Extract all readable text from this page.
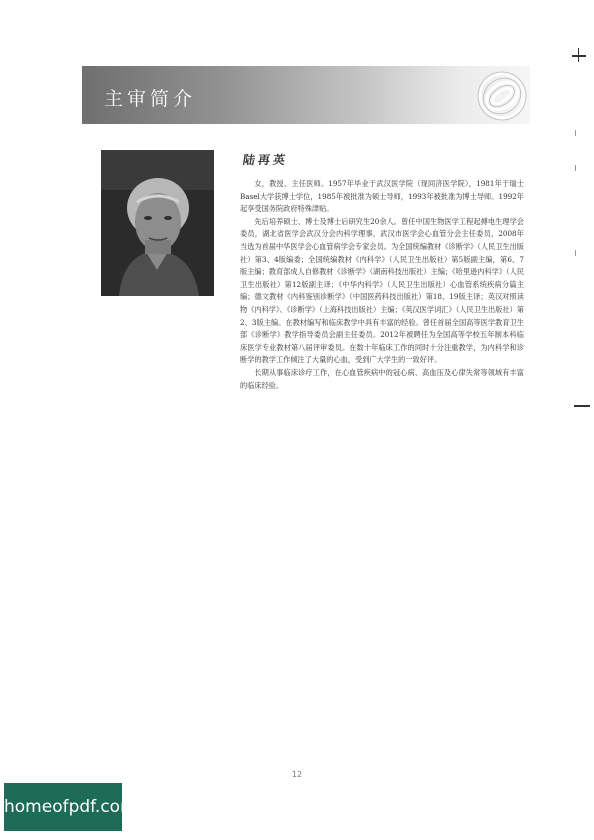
主审简介
陆再英

女，教授、主任医师。1957年毕业于武汉医学院（现同济医学院），1981年于瑞士Basel大学获博士学位，1985年被批准为硕士导师，1993年被批准为博士导师。1992年起享受国务院政府特殊津贴。

先后培养硕士、博士及博士后研究生20余人。曾任中国生物医学工程起搏电生理学会委员，湖北省医学会武汉分会内科学理事，武汉市医学会心血管分会主任委员，2008年当选为首届中华医学会心血管病学会专家会员。为全国统编教材《诊断学》（人民卫生出版社）第3、4版编委；全国统编教材《内科学》（人民卫生出版社）第5版副主编，第6、7版主编；教育部成人自修教材《诊断学》（湖南科技出版社）主编；《哈里逊内科学》（人民卫生出版社）第12版副主译；《中华内科学》（人民卫生出版社）心血管系统疾病分篇主编；德文教材《内科鉴别诊断学》（中国医药科技出版社）第18、19版主译；英汉对照读物《内科学》、《诊断学》（上海科技出版社）主编；《英汉医学词汇》（人民卫生出版社）第2、3版主编。在教材编写和临床教学中具有丰富的经验。曾任首届全国高等医学教育卫生部《诊断学》教学指导委员会副主任委员。2012年被聘任为全国高等学校五年制本科临床医学专业教材第八届评审委员。在数十年临床工作的同时十分注重教学，为内科学和诊断学的教学工作倾注了大量的心血，受到广大学生的一致好评。

长期从事临床诊疗工作，在心血管疾病中的冠心病、高血压及心律失常等领域有丰富的临床经验。

12
homeofpdf.com
